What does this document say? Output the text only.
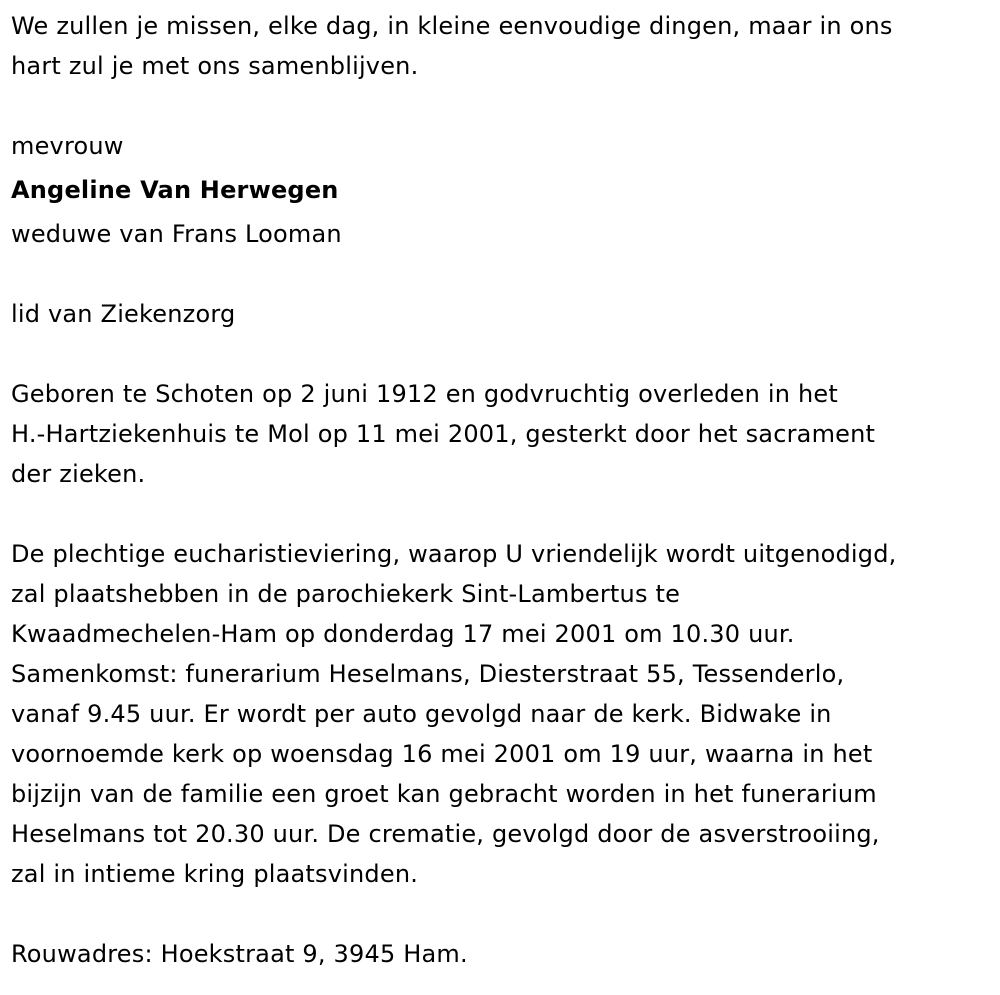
We zullen je missen, elke dag, in kleine eenvoudige dingen, maar in ons
hart zul je met ons samenblijven.
mevrouw
Angeline Van Herwegen
weduwe van Frans Looman
lid van Ziekenzorg
Geboren te Schoten op 2 juni 1912 en godvruchtig overleden in het
H.-Hartziekenhuis te Mol op 11 mei 2001, gesterkt door het sacrament
der zieken.
De plechtige eucharistieviering, waarop U vriendelijk wordt uitgenodigd,
zal plaatshebben in de parochiekerk Sint-Lambertus te
Kwaadmechelen-Ham op donderdag 17 mei 2001 om 10.30 uur.
Samenkomst: funerarium Heselmans, Diesterstraat 55, Tessenderlo,
vanaf 9.45 uur. Er wordt per auto gevolgd naar de kerk. Bidwake in
voornoemde kerk op woensdag 16 mei 2001 om 19 uur, waarna in het
bijzijn van de familie een groet kan gebracht worden in het funerarium
Heselmans tot 20.30 uur. De crematie, gevolgd door de asverstrooiing,
zal in intieme kring plaatsvinden.
Rouwadres: Hoekstraat 9, 3945 Ham.
